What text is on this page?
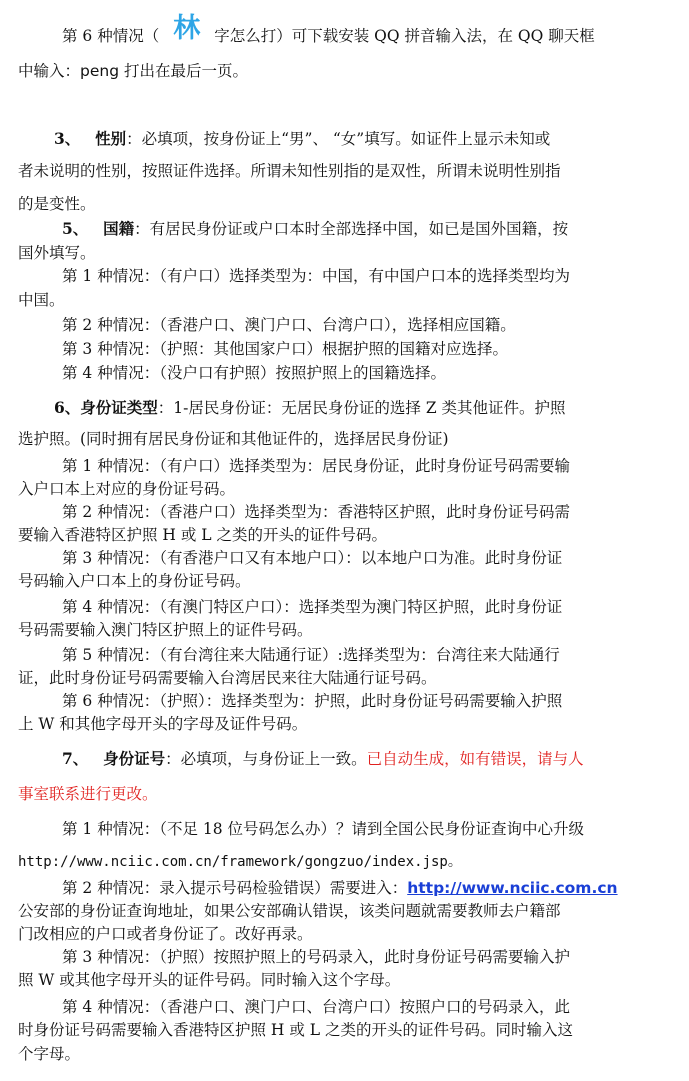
第 6 种情况（ 林 字怎么打）可下载安装 QQ 拼音输入法，在 QQ 聊天框
中输入：peng 打出在最后一页。
3、 性别：必填项，按身份证上“男”、 “女”填写。如证件上显示未知或
者未说明的性别，按照证件选择。所谓未知性别指的是双性，所谓未说明性别指
的是变性。
5、 国籍：有居民身份证或户口本时全部选择中国，如已是国外国籍，按
国外填写。
第 1 种情况：（有户口）选择类型为：中国，有中国户口本的选择类型均为
中国。
第 2 种情况：（香港户口、澳门户口、台湾户口），选择相应国籍。
第 3 种情况：（护照：其他国家户口）根据护照的国籍对应选择。
第 4 种情况：（没户口有护照）按照护照上的国籍选择。
6、身份证类型：1-居民身份证：无居民身份证的选择 Z 类其他证件。护照
选护照。(同时拥有居民身份证和其他证件的，选择居民身份证)
第 1 种情况：（有户口）选择类型为：居民身份证，此时身份证号码需要输
入户口本上对应的身份证号码。
第 2 种情况：（香港户口）选择类型为：香港特区护照，此时身份证号码需
要输入香港特区护照 H 或 L 之类的开头的证件号码。
第 3 种情况：（有香港户口又有本地户口）：以本地户口为准。此时身份证
号码输入户口本上的身份证号码。
第 4 种情况：（有澳门特区户口）：选择类型为澳门特区护照，此时身份证
号码需要输入澳门特区护照上的证件号码。
第 5 种情况：（有台湾往来大陆通行证）:选择类型为：台湾往来大陆通行
证，此时身份证号码需要输入台湾居民来往大陆通行证号码。
第 6 种情况：（护照）：选择类型为：护照，此时身份证号码需要输入护照
上 W 和其他字母开头的字母及证件号码。
7、 身份证号：必填项，与身份证上一致。已自动生成，如有错误，请与人
事室联系进行更改。
第 1 种情况：（不足 18 位号码怎么办）？请到全国公民身份证查询中心升级
http://www.nciic.com.cn/framework/gongzuo/index.jsp。
第 2 种情况：录入提示号码检验错误）需要进入：http://www.nciic.com.cn
公安部的身份证查询地址，如果公安部确认错误，该类问题就需要教师去户籍部
门改相应的户口或者身份证了。改好再录。
第 3 种情况：（护照）按照护照上的号码录入，此时身份证号码需要输入护
照 W 或其他字母开头的证件号码。同时输入这个字母。
第 4 种情况：（香港户口、澳门户口、台湾户口）按照户口的号码录入，此
时身份证号码需要输入香港特区护照 H 或 L 之类的开头的证件号码。同时输入这
个字母。
